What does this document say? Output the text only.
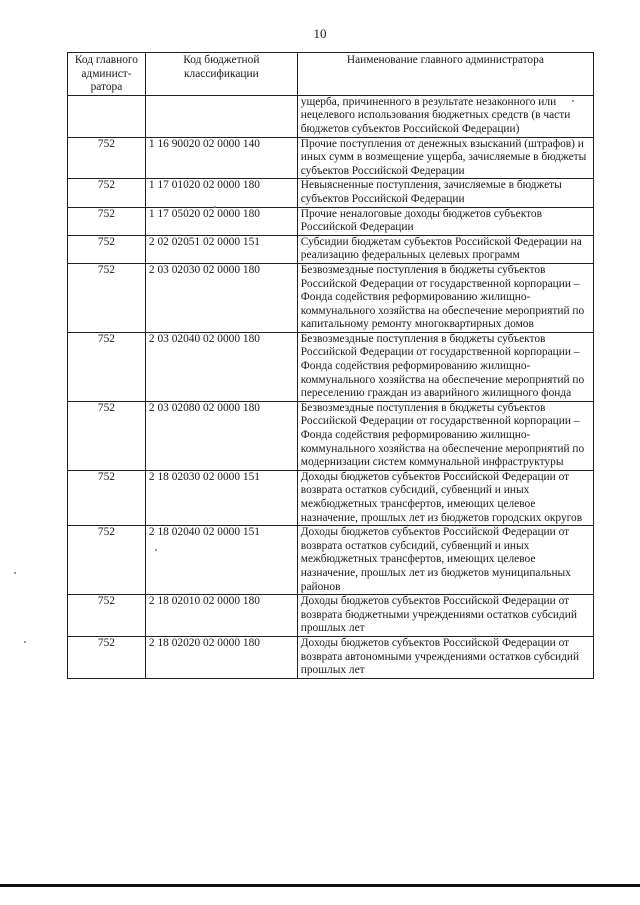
10
Код главного админист-ратора	Код бюджетной классификации	Наименование главного администратора
		ущерба, причиненного в результате незаконного или нецелевого использования бюджетных средств (в части бюджетов субъектов Российской Федерации)
752	1 16 90020 02 0000 140	Прочие поступления от денежных взысканий (штрафов) и иных сумм в возмещение ущерба, зачисляемые в бюджеты субъектов Российской Федерации
752	1 17 01020 02 0000 180	Невыясненные поступления, зачисляемые в бюджеты субъектов Российской Федерации
752	1 17 05020 02 0000 180	Прочие неналоговые доходы бюджетов субъектов Российской Федерации
752	2 02 02051 02 0000 151	Субсидии бюджетам субъектов Российской Федерации на реализацию федеральных целевых программ
752	2 03 02030 02 0000 180	Безвозмездные поступления в бюджеты субъектов Российской Федерации от государственной корпорации – Фонда содействия реформированию жилищно-коммунального хозяйства на обеспечение мероприятий по капитальному ремонту многоквартирных домов
752	2 03 02040 02 0000 180	Безвозмездные поступления в бюджеты субъектов Российской Федерации от государственной корпорации – Фонда содействия реформированию жилищно-коммунального хозяйства на обеспечение мероприятий по переселению граждан из аварийного жилищного фонда
752	2 03 02080 02 0000 180	Безвозмездные поступления в бюджеты субъектов Российской Федерации от государственной корпорации – Фонда содействия реформированию жилищно-коммунального хозяйства на обеспечение мероприятий по модернизации систем коммунальной инфраструктуры
752	2 18 02030 02 0000 151	Доходы бюджетов субъектов Российской Федерации от возврата остатков субсидий, субвенций и иных межбюджетных трансфертов, имеющих целевое назначение, прошлых лет из бюджетов городских округов
752	2 18 02040 02 0000 151	Доходы бюджетов субъектов Российской Федерации от возврата остатков субсидий, субвенций и иных межбюджетных трансфертов, имеющих целевое назначение, прошлых лет из бюджетов муниципальных районов
752	2 18 02010 02 0000 180	Доходы бюджетов субъектов Российской Федерации от возврата бюджетными учреждениями остатков субсидий прошлых лет
752	2 18 02020 02 0000 180	Доходы бюджетов субъектов Российской Федерации от возврата автономными учреждениями остатков субсидий прошлых лет
